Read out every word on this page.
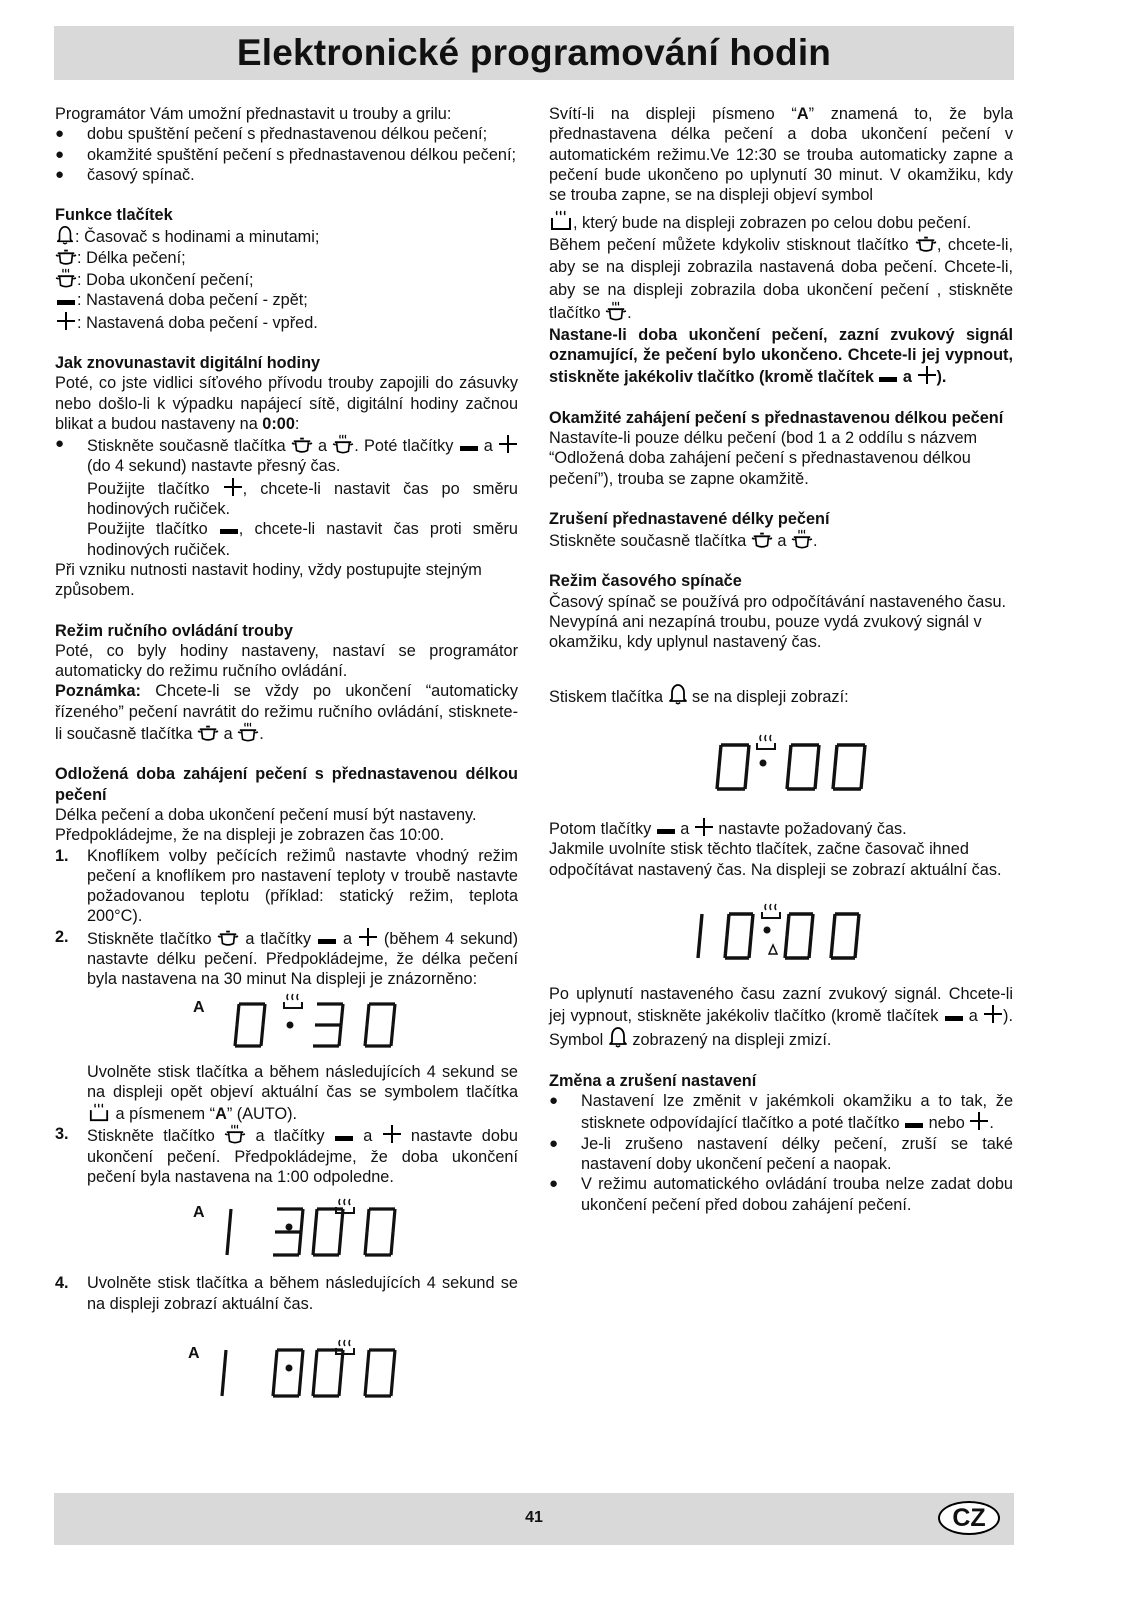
Elektronické programování hodin

Programátor Vám umožní přednastavit u trouby a grilu:

●	dobu spuštění pečení s přednastavenou délkou pečení;
●	okamžité spuštění pečení s přednastavenou délkou pečení;
●	časový spínač.

Funkce tlačítek

: Časovač s hodinami a minutami;

: Délka pečení;

: Doba ukončení pečení;

: Nastavená doba pečení - zpět;

: Nastavená doba pečení - vpřed.

Jak znovunastavit digitální hodiny

Poté, co jste vidlici síťového přívodu trouby zapojili do zásuvky nebo došlo-li k výpadku napájecí sítě, digitální hodiny začnou blikat a budou nastaveny na 0:00:

●	Stiskněte současně tlačítka  a . Poté tlačítky  a  (do 4 sekund) nastavte přesný čas.
Použijte tlačítko , chcete-li nastavit čas po směru hodinových ručiček.
Použijte tlačítko , chcete-li nastavit čas proti směru hodinových ručiček.

Při vzniku nutnosti nastavit hodiny, vždy postupujte stejným způsobem.

Režim ručního ovládání trouby

Poté, co byly hodiny nastaveny, nastaví se programátor automaticky do režimu ručního ovládání.

Poznámka: Chcete-li se vždy po ukončení “automaticky řízeného” pečení navrátit do režimu ručního ovládání, stisknete-li současně tlačítka  a .

Odložená doba zahájení pečení s přednastavenou délkou pečení

Délka pečení a doba ukončení pečení musí být nastaveny.

Předpokládejme, že na displeji je zobrazen čas 10:00.

1.	Knoflíkem volby pečících režimů nastavte vhodný režim pečení a knoflíkem pro nastavení teploty v troubě nastavte požadovanou teplotu (příklad: statický režim, teplota 200°C).
2.	Stiskněte tlačítko  a tlačítky  a  (během 4 sekund) nastavte délku pečení. Předpokládejme, že délka pečení byla nastavena na 30 minut Na displeji je znázorněno:
A

Uvolněte stisk tlačítka a během následujících 4 sekund se na displeji opět objeví aktuální čas se symbolem tlačítka  a písmenem “A” (AUTO).

3.	Stiskněte tlačítko  a tlačítky  a  nastavte dobu ukončení pečení. Předpokládejme, že doba ukončení pečení byla nastavena na 1:00 odpoledne.
A
4.	Uvolněte stisk tlačítka a během následujících 4 sekund se na displeji zobrazí aktuální čas.
A

Svítí-li na displeji písmeno “A” znamená to, že byla přednastavena délka pečení a doba ukončení pečení v automatickém režimu.Ve 12:30 se trouba automaticky zapne a pečení bude ukončeno po uplynutí 30 minut. V okamžiku, kdy se trouba zapne, se na displeji objeví symbol

, který bude na displeji zobrazen po celou dobu pečení.

Během pečení můžete kdykoliv stisknout tlačítko , chcete-li, aby se na displeji zobrazila nastavená doba pečení. Chcete-li, aby se na displeji zobrazila doba ukončení pečení , stiskněte tlačítko .

Nastane-li doba ukončení pečení, zazní zvukový signál oznamující, že pečení bylo ukončeno. Chcete-li jej vypnout, stiskněte jakékoliv tlačítko (kromě tlačítek  a ).

Okamžité zahájení pečení s přednastavenou délkou pečení

Nastavíte-li pouze délku pečení (bod 1 a 2 oddílu s názvem “Odložená doba zahájení pečení s přednastavenou délkou pečení”), trouba se zapne okamžitě.

Zrušení přednastavené délky pečení

Stiskněte současně tlačítka  a .

Režim časového spínače

Časový spínač se používá pro odpočítávání nastaveného času. Nevypíná ani nezapíná troubu, pouze vydá zvukový signál v okamžiku, kdy uplynul nastavený čas.

Stiskem tlačítka  se na displeji zobrazí:

Potom tlačítky  a  nastavte požadovaný čas.

Jakmile uvolníte stisk těchto tlačítek, začne časovač ihned odpočítávat nastavený čas. Na displeji se zobrazí aktuální čas.

Po uplynutí nastaveného času zazní zvukový signál. Chcete-li jej vypnout, stiskněte jakékoliv tlačítko (kromě tlačítek  a ). Symbol  zobrazený na displeji zmizí.

Změna a zrušení nastavení

●	Nastavení lze změnit v jakémkoli okamžiku a to tak, že stisknete odpovídající tlačítko a poté tlačítko  nebo .
●	Je-li zrušeno nastavení délky pečení, zruší se také nastavení doby ukončení pečení a naopak.
●	V režimu automatického ovládání trouba nelze zadat dobu ukončení pečení před dobou zahájení pečení.
41	CZ
